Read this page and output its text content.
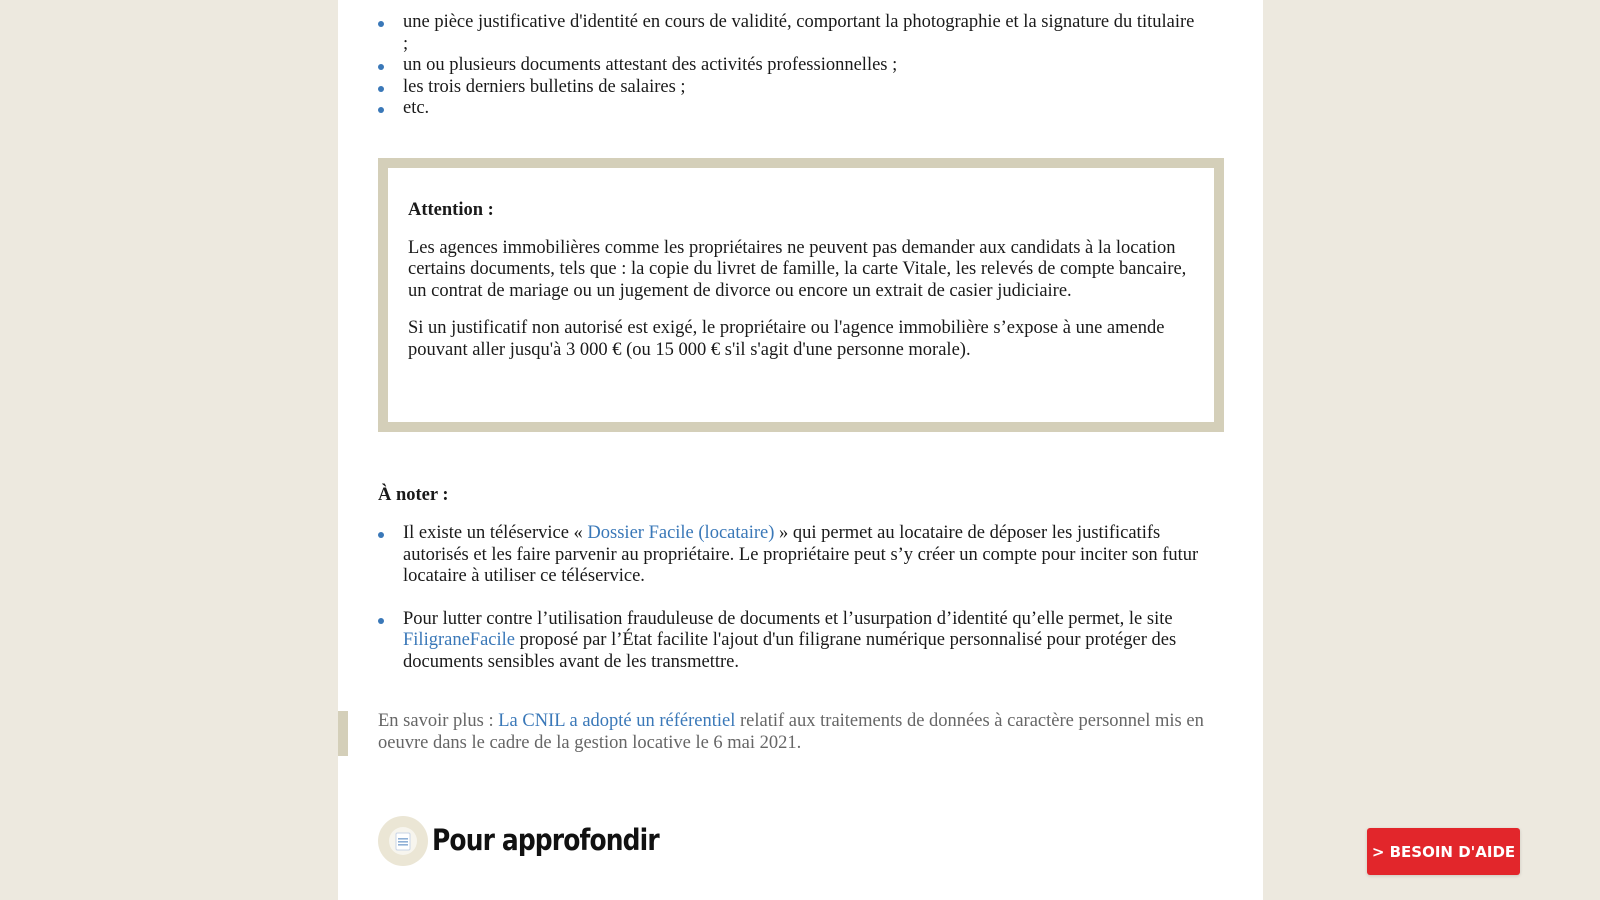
une pièce justificative d'identité en cours de validité, comportant la photographie et la signature du titulaire ;
un ou plusieurs documents attestant des activités professionnelles ;
les trois derniers bulletins de salaires ;
etc.

Attention :

Les agences immobilières comme les propriétaires ne peuvent pas demander aux candidats à la location certains documents, tels que : la copie du livret de famille, la carte Vitale, les relevés de compte bancaire, un contrat de mariage ou un jugement de divorce ou encore un extrait de casier judiciaire.

Si un justificatif non autorisé est exigé, le propriétaire ou l'agence immobilière s’expose à une amende pouvant aller jusqu'à 3 000 € (ou 15 000 € s'il s'agit d'une personne morale).

À noter :
Il existe un téléservice « Dossier Facile (locataire) » qui permet au locataire de déposer les justificatifs autorisés et les faire parvenir au propriétaire. Le propriétaire peut s’y créer un compte pour inciter son futur locataire à utiliser ce téléservice.
Pour lutter contre l’utilisation frauduleuse de documents et l’usurpation d’identité qu’elle permet, le site FiligraneFacile proposé par l’État facilite l'ajout d'un filigrane numérique personnalisé pour protéger des documents sensibles avant de les transmettre.
En savoir plus : La CNIL a adopté un référentiel relatif aux traitements de données à caractère personnel mis en oeuvre dans le cadre de la gestion locative le 6 mai 2021.
Pour approfondir	> BESOIN D'AIDE
